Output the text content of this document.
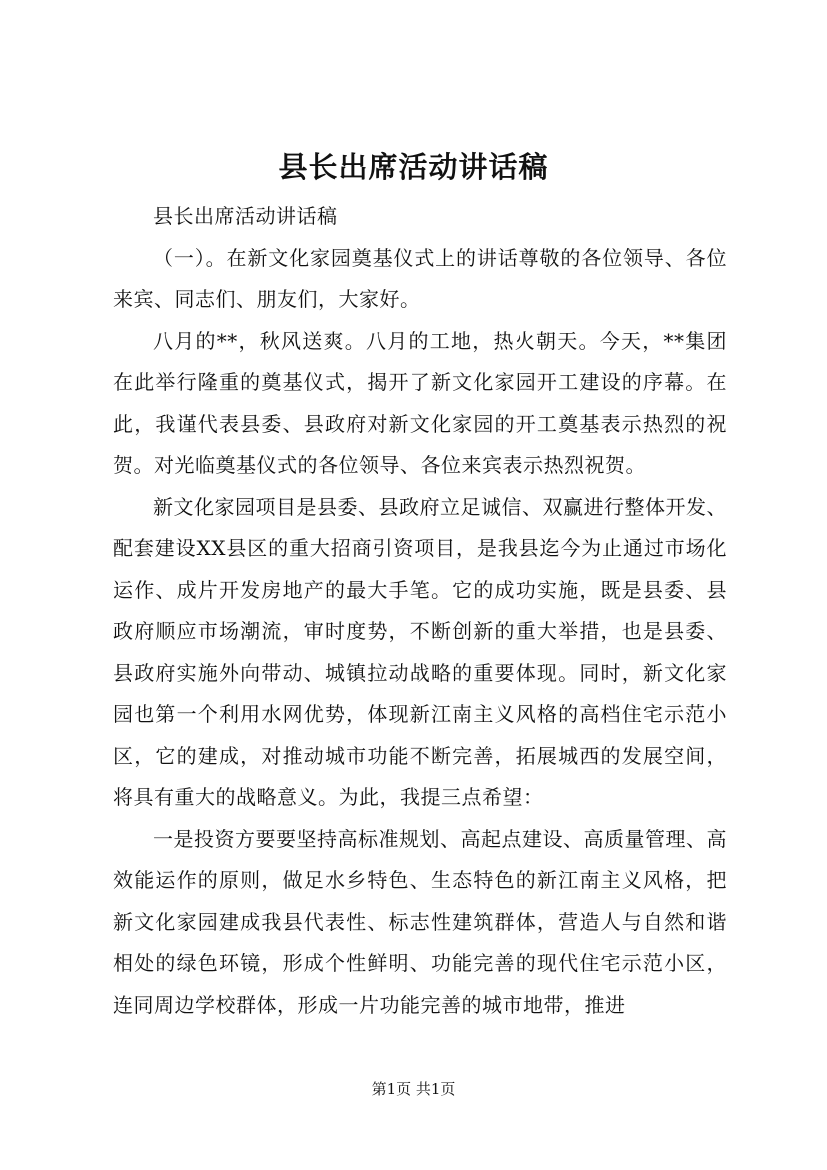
县长出席活动讲话稿

县长出席活动讲话稿

（一）。在新文化家园奠基仪式上的讲话尊敬的各位领导、各位来宾、同志们、朋友们，大家好。

八月的**，秋风送爽。八月的工地，热火朝天。今天，**集团在此举行隆重的奠基仪式，揭开了新文化家园开工建设的序幕。在此，我谨代表县委、县政府对新文化家园的开工奠基表示热烈的祝贺。对光临奠基仪式的各位领导、各位来宾表示热烈祝贺。

新文化家园项目是县委、县政府立足诚信、双赢进行整体开发、配套建设XX县区的重大招商引资项目，是我县迄今为止通过市场化运作、成片开发房地产的最大手笔。它的成功实施，既是县委、县政府顺应市场潮流，审时度势，不断创新的重大举措，也是县委、县政府实施外向带动、城镇拉动战略的重要体现。同时，新文化家园也第一个利用水网优势，体现新江南主义风格的高档住宅示范小区，它的建成，对推动城市功能不断完善，拓展城西的发展空间，将具有重大的战略意义。为此，我提三点希望：

一是投资方要要坚持高标准规划、高起点建设、高质量管理、高效能运作的原则，做足水乡特色、生态特色的新江南主义风格，把新文化家园建成我县代表性、标志性建筑群体，营造人与自然和谐相处的绿色环镜，形成个性鲜明、功能完善的现代住宅示范小区，连同周边学校群体，形成一片功能完善的城市地带，推进

第1页 共1页
